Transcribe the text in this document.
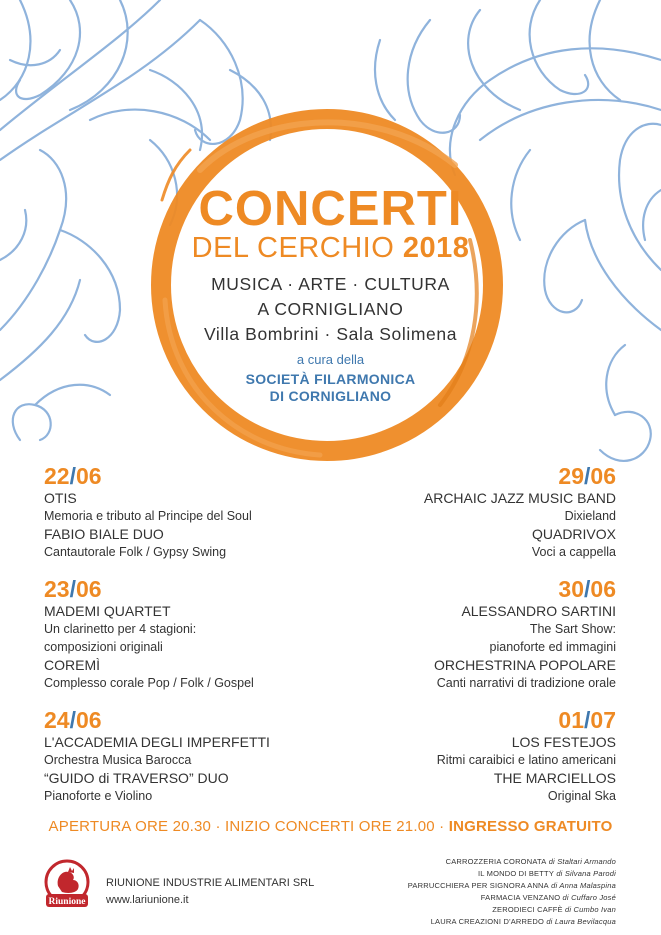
CONCERTI
DEL CERCHIO 2018
MUSICA · ARTE · CULTURA
A CORNIGLIANO
Villa Bombrini · Sala Solimena
a cura della
SOCIETÀ FILARMONICA
DI CORNIGLIANO
22/06
OTIS
Memoria e tributo al Principe del Soul
FABIO BIALE DUO
Cantautorale Folk / Gypsy Swing
23/06
MADEMI QUARTET
Un clarinetto per 4 stagioni:
composizioni originali
COREMÌ
Complesso corale Pop / Folk / Gospel
24/06
L'ACCADEMIA DEGLI IMPERFETTI
Orchestra Musica Barocca
“GUIDO di TRAVERSO” DUO
Pianoforte e Violino
29/06
ARCHAIC JAZZ MUSIC BAND
Dixieland
QUADRIVOX
Voci a cappella
30/06
ALESSANDRO SARTINI
The Sart Show:
pianoforte ed immagini
ORCHESTRINA POPOLARE
Canti narrativi di tradizione orale
01/07
LOS FESTEJOS
Ritmi caraibici e latino americani
THE MARCIELLOS
Original Ska
APERTURA ORE 20.30 · INIZIO CONCERTI ORE 21.00 · INGRESSO GRATUITO
Riunione
RIUNIONE INDUSTRIE ALIMENTARI SRL
www.lariunione.it
CARROZZERIA CORONATA di Staltari Armando
IL MONDO DI BETTY di Silvana Parodi
PARRUCCHIERA PER SIGNORA ANNA di Anna Malaspina
FARMACIA VENZANO di Cuffaro José
ZERODIECI CAFFÈ di Cumbo Ivan
LAURA CREAZIONI D'ARREDO di Laura Bevilacqua
